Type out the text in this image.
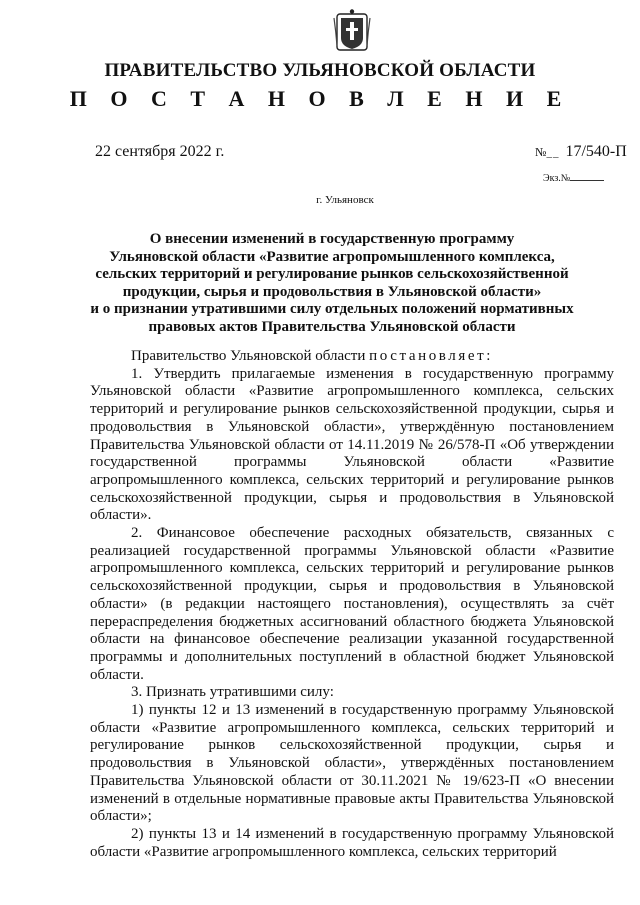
ПРАВИТЕЛЬСТВО УЛЬЯНОВСКОЙ ОБЛАСТИ
П О С Т А Н О В Л Е Н И Е
22 сентября 2022 г.	№__ 17/540-П
Экз.№
г. Ульяновск
О внесении изменений в государственную программу
Ульяновской области «Развитие агропромышленного комплекса,
сельских территорий и регулирование рынков сельскохозяйственной
продукции, сырья и продовольствия в Ульяновской области»
и о признании утратившими силу отдельных положений нормативных
правовых актов Правительства Ульяновской области

Правительство Ульяновской области постановляет:

1. Утвердить прилагаемые изменения в государственную программу Ульяновской области «Развитие агропромышленного комплекса, сельских территорий и регулирование рынков сельскохозяйственной продукции, сырья и продовольствия в Ульяновской области», утверждённую постановлением Правительства Ульяновской области от 14.11.2019 № 26/578-П «Об утверждении государственной программы Ульяновской области «Развитие агропромышленного комплекса, сельских территорий и регулирование рынков сельскохозяйственной продукции, сырья и продовольствия в Ульяновской области».

2. Финансовое обеспечение расходных обязательств, связанных с реализацией государственной программы Ульяновской области «Развитие агропромышленного комплекса, сельских территорий и регулирование рынков сельскохозяйственной продукции, сырья и продовольствия в Ульяновской области» (в редакции настоящего постановления), осуществлять за счёт перераспределения бюджетных ассигнований областного бюджета Ульяновской области на финансовое обеспечение реализации указанной государственной программы и дополнительных поступлений в областной бюджет Ульяновской области.

3. Признать утратившими силу:

1) пункты 12 и 13 изменений в государственную программу Ульяновской области «Развитие агропромышленного комплекса, сельских территорий и регулирование рынков сельскохозяйственной продукции, сырья и продовольствия в Ульяновской области», утверждённых постановлением Правительства Ульяновской области от 30.11.2021 № 19/623-П «О внесении изменений в отдельные нормативные правовые акты Правительства Ульяновской области»;

2) пункты 13 и 14 изменений в государственную программу Ульяновской области «Развитие агропромышленного комплекса, сельских территорий
